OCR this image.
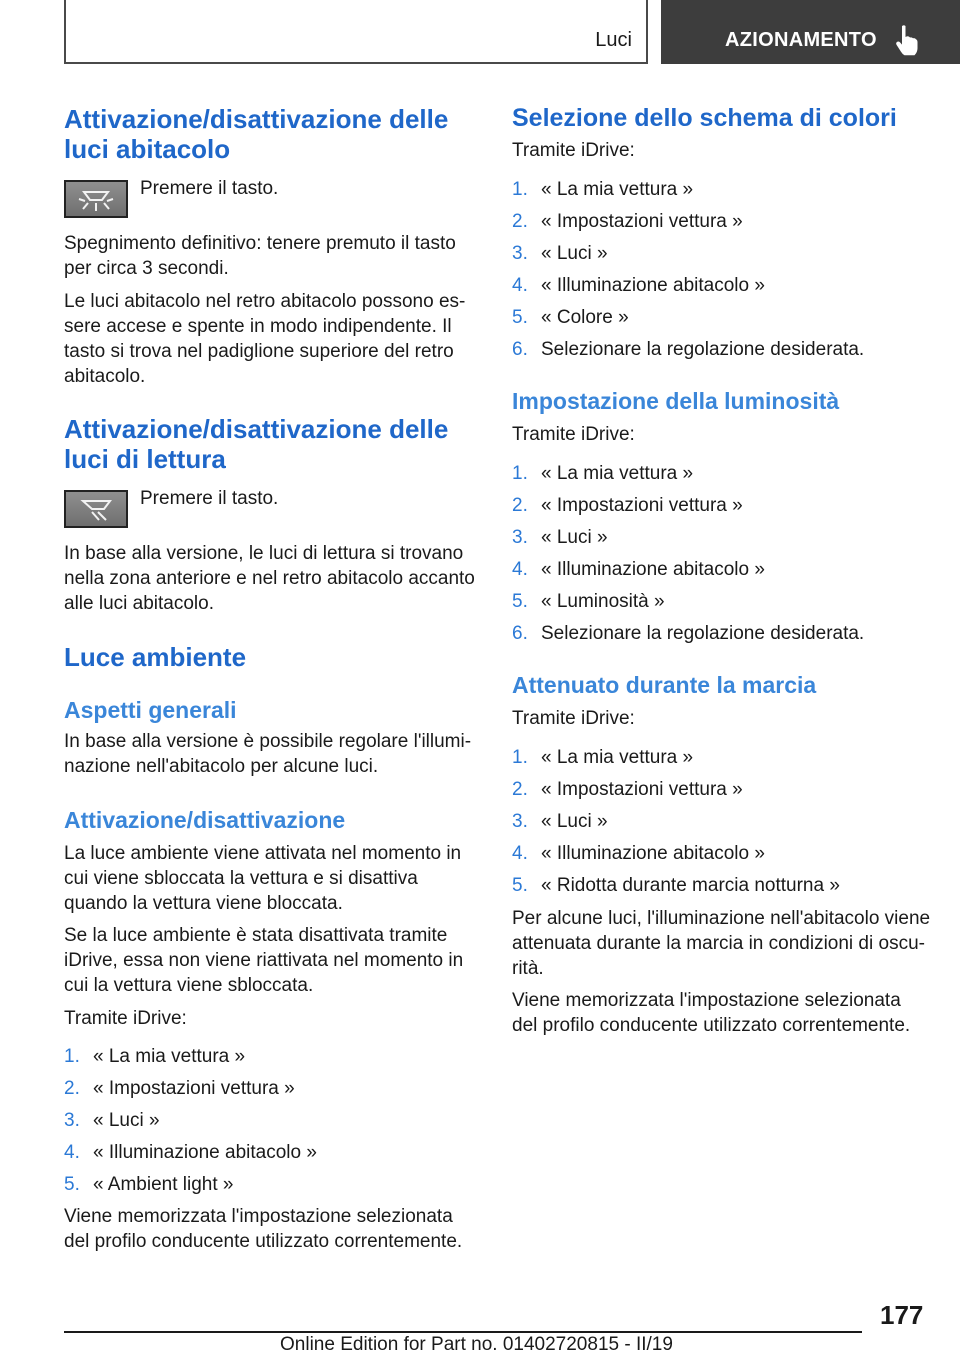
Luci	AZIONAMENTO
Attivazione/disattivazione delle
luci abitacolo

Premere il tasto.

Spegnimento definitivo: tenere premuto il tasto

per circa 3 secondi.

Le luci abitacolo nel retro abitacolo possono es-

sere accese e spente in modo indipendente. Il

tasto si trova nel padiglione superiore del retro

abitacolo.

Attivazione/disattivazione delle
luci di lettura

Premere il tasto.

In base alla versione, le luci di lettura si trovano

nella zona anteriore e nel retro abitacolo accanto

alle luci abitacolo.

Luce ambiente
Aspetti generali

In base alla versione è possibile regolare l'illumi-

nazione nell'abitacolo per alcune luci.

Attivazione/disattivazione

La luce ambiente viene attivata nel momento in

cui viene sbloccata la vettura e si disattiva

quando la vettura viene bloccata.

Se la luce ambiente è stata disattivata tramite

iDrive, essa non viene riattivata nel momento in

cui la vettura viene sbloccata.

Tramite iDrive:

1. « La mia vettura »
2. « Impostazioni vettura »
3. « Luci »
4. « Illuminazione abitacolo »
5. « Ambient light »

Viene memorizzata l'impostazione selezionata

del profilo conducente utilizzato correntemente.

Selezione dello schema di colori

Tramite iDrive:

1. « La mia vettura »
2. « Impostazioni vettura »
3. « Luci »
4. « Illuminazione abitacolo »
5. « Colore »
6. Selezionare la regolazione desiderata.
Impostazione della luminosità

Tramite iDrive:

1. « La mia vettura »
2. « Impostazioni vettura »
3. « Luci »
4. « Illuminazione abitacolo »
5. « Luminosità »
6. Selezionare la regolazione desiderata.
Attenuato durante la marcia

Tramite iDrive:

1. « La mia vettura »
2. « Impostazioni vettura »
3. « Luci »
4. « Illuminazione abitacolo »
5. « Ridotta durante marcia notturna »

Per alcune luci, l'illuminazione nell'abitacolo viene

attenuata durante la marcia in condizioni di oscu-

rità.

Viene memorizzata l'impostazione selezionata

del profilo conducente utilizzato correntemente.

177
Online Edition for Part no. 01402720815 - II/19
